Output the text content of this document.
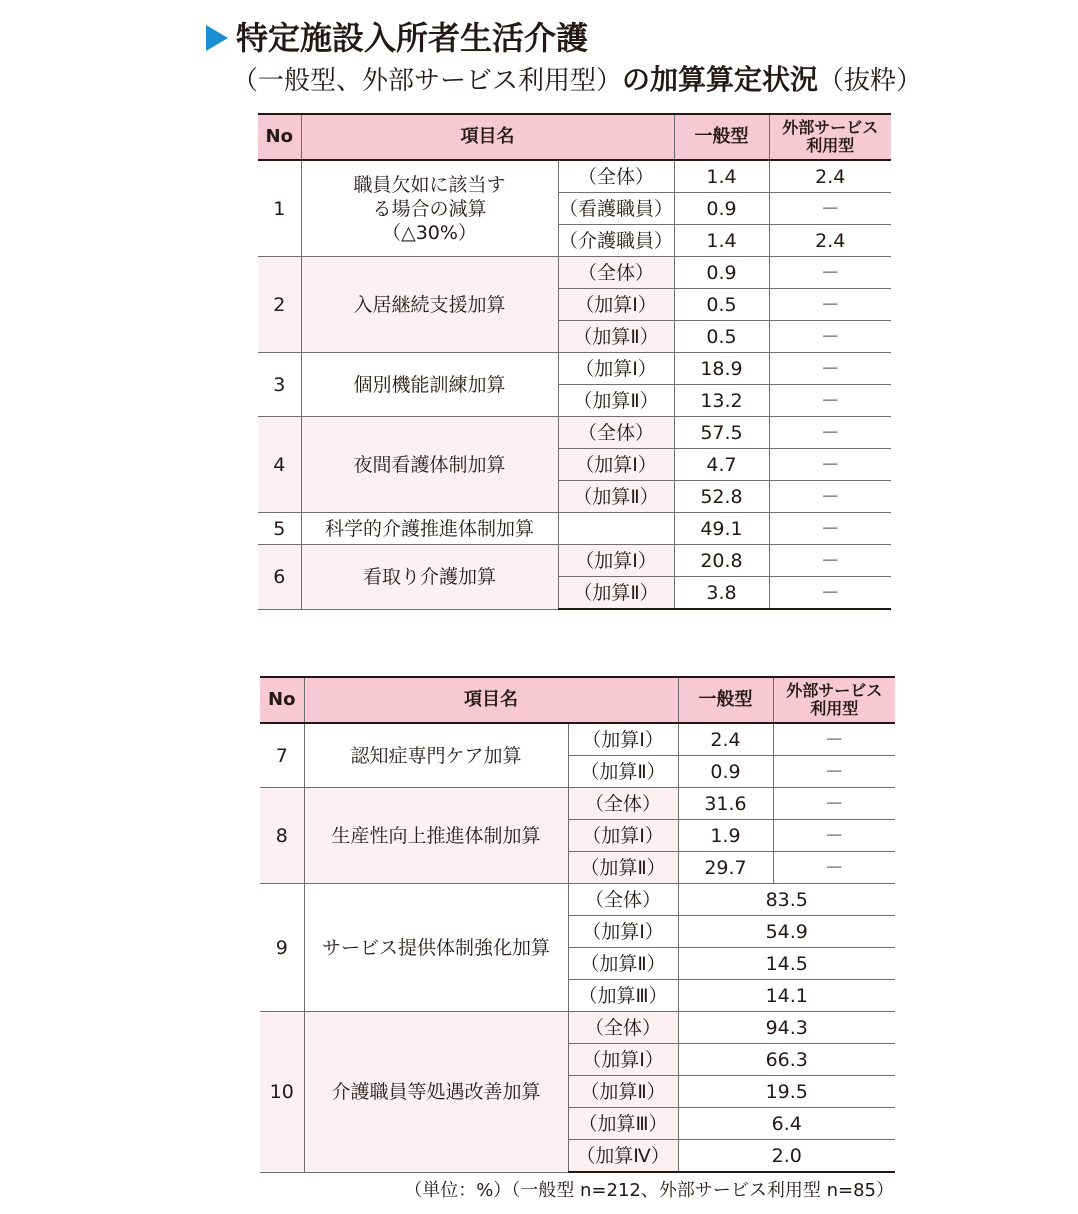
特定施設入所者生活介護
（一般型、外部サービス利用型）の加算算定状況（抜粋）
No	項目名		一般型	外部サービス
利用型
1	職員欠如に該当する場合の減算（△30%）	（全体）	1.4	2.4
		（看護職員）	0.9	－
		（介護職員）	1.4	2.4
2	入居継続支援加算	（全体）	0.9	－
		（加算Ⅰ）	0.5	－
		（加算Ⅱ）	0.5	－
3	個別機能訓練加算	（加算Ⅰ）	18.9	－
		（加算Ⅱ）	13.2	－
4	夜間看護体制加算	（全体）	57.5	－
		（加算Ⅰ）	4.7	－
		（加算Ⅱ）	52.8	－
5	科学的介護推進体制加算		49.1	－
6	看取り介護加算	（加算Ⅰ）	20.8	－
		（加算Ⅱ）	3.8	－
No	項目名		一般型	外部サービス
利用型
7	認知症専門ケア加算	（加算Ⅰ）	2.4	－
		（加算Ⅱ）	0.9	－
8	生産性向上推進体制加算	（全体）	31.6	－
		（加算Ⅰ）	1.9	－
		（加算Ⅱ）	29.7	－
9	サービス提供体制強化加算	（全体）	83.5	
		（加算Ⅰ）	54.9	
		（加算Ⅱ）	14.5	
		（加算Ⅲ）	14.1	
10	介護職員等処遇改善加算	（全体）	94.3	
		（加算Ⅰ）	66.3	
		（加算Ⅱ）	19.5	
		（加算Ⅲ）	6.4	
		（加算Ⅳ）	2.0	
（単位：%）（一般型 n=212、外部サービス利用型 n=85）
